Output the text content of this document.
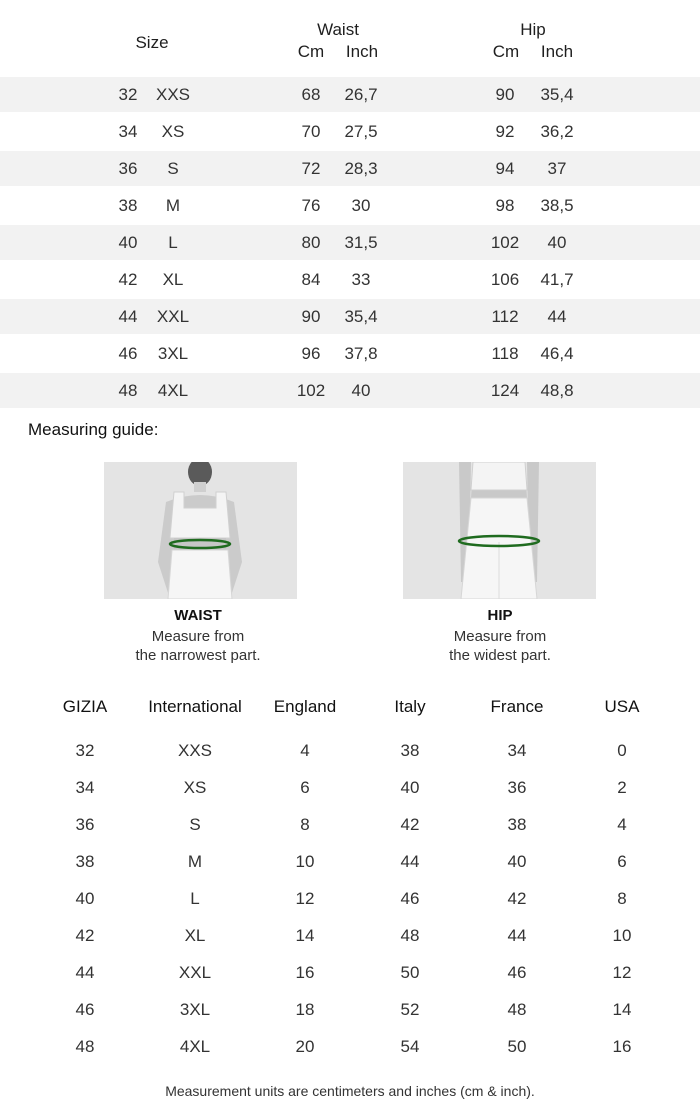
Size
Waist
Cm	Inch
Hip
Cm	Inch
32	XXS	68	26,7	90	35,4
34	XS	70	27,5	92	36,2
36	S	72	28,3	94	37
38	M	76	30	98	38,5
40	L	80	31,5	102	40
42	XL	84	33	106	41,7
44	XXL	90	35,4	112	44
46	3XL	96	37,8	118	46,4
48	4XL	102	40	124	48,8
Measuring guide:
WAIST
Measure from
the narrowest part.
HIP
Measure from
the widest part.
GIZIA	International	England	Italy	France	USA
32	XXS	4	38	34	0
34	XS	6	40	36	2
36	S	8	42	38	4
38	M	10	44	40	6
40	L	12	46	42	8
42	XL	14	48	44	10
44	XXL	16	50	46	12
46	3XL	18	52	48	14
48	4XL	20	54	50	16
Measurement units are centimeters and inches (cm & inch).
